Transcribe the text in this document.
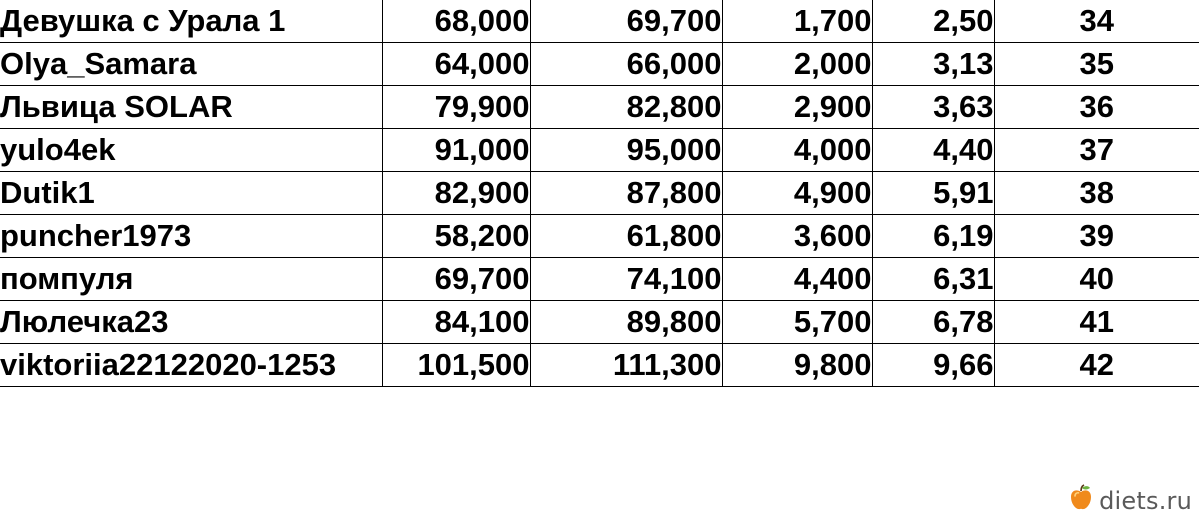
Девушка с Урала 1	68,000	69,700	1,700	2,50	34
Olya_Samara	64,000	66,000	2,000	3,13	35
Львица SOLAR	79,900	82,800	2,900	3,63	36
yulo4ek	91,000	95,000	4,000	4,40	37
Dutik1	82,900	87,800	4,900	5,91	38
puncher1973	58,200	61,800	3,600	6,19	39
помпуля	69,700	74,100	4,400	6,31	40
Люлечка23	84,100	89,800	5,700	6,78	41
viktoriia22122020-1253	101,500	111,300	9,800	9,66	42
diets.ru
